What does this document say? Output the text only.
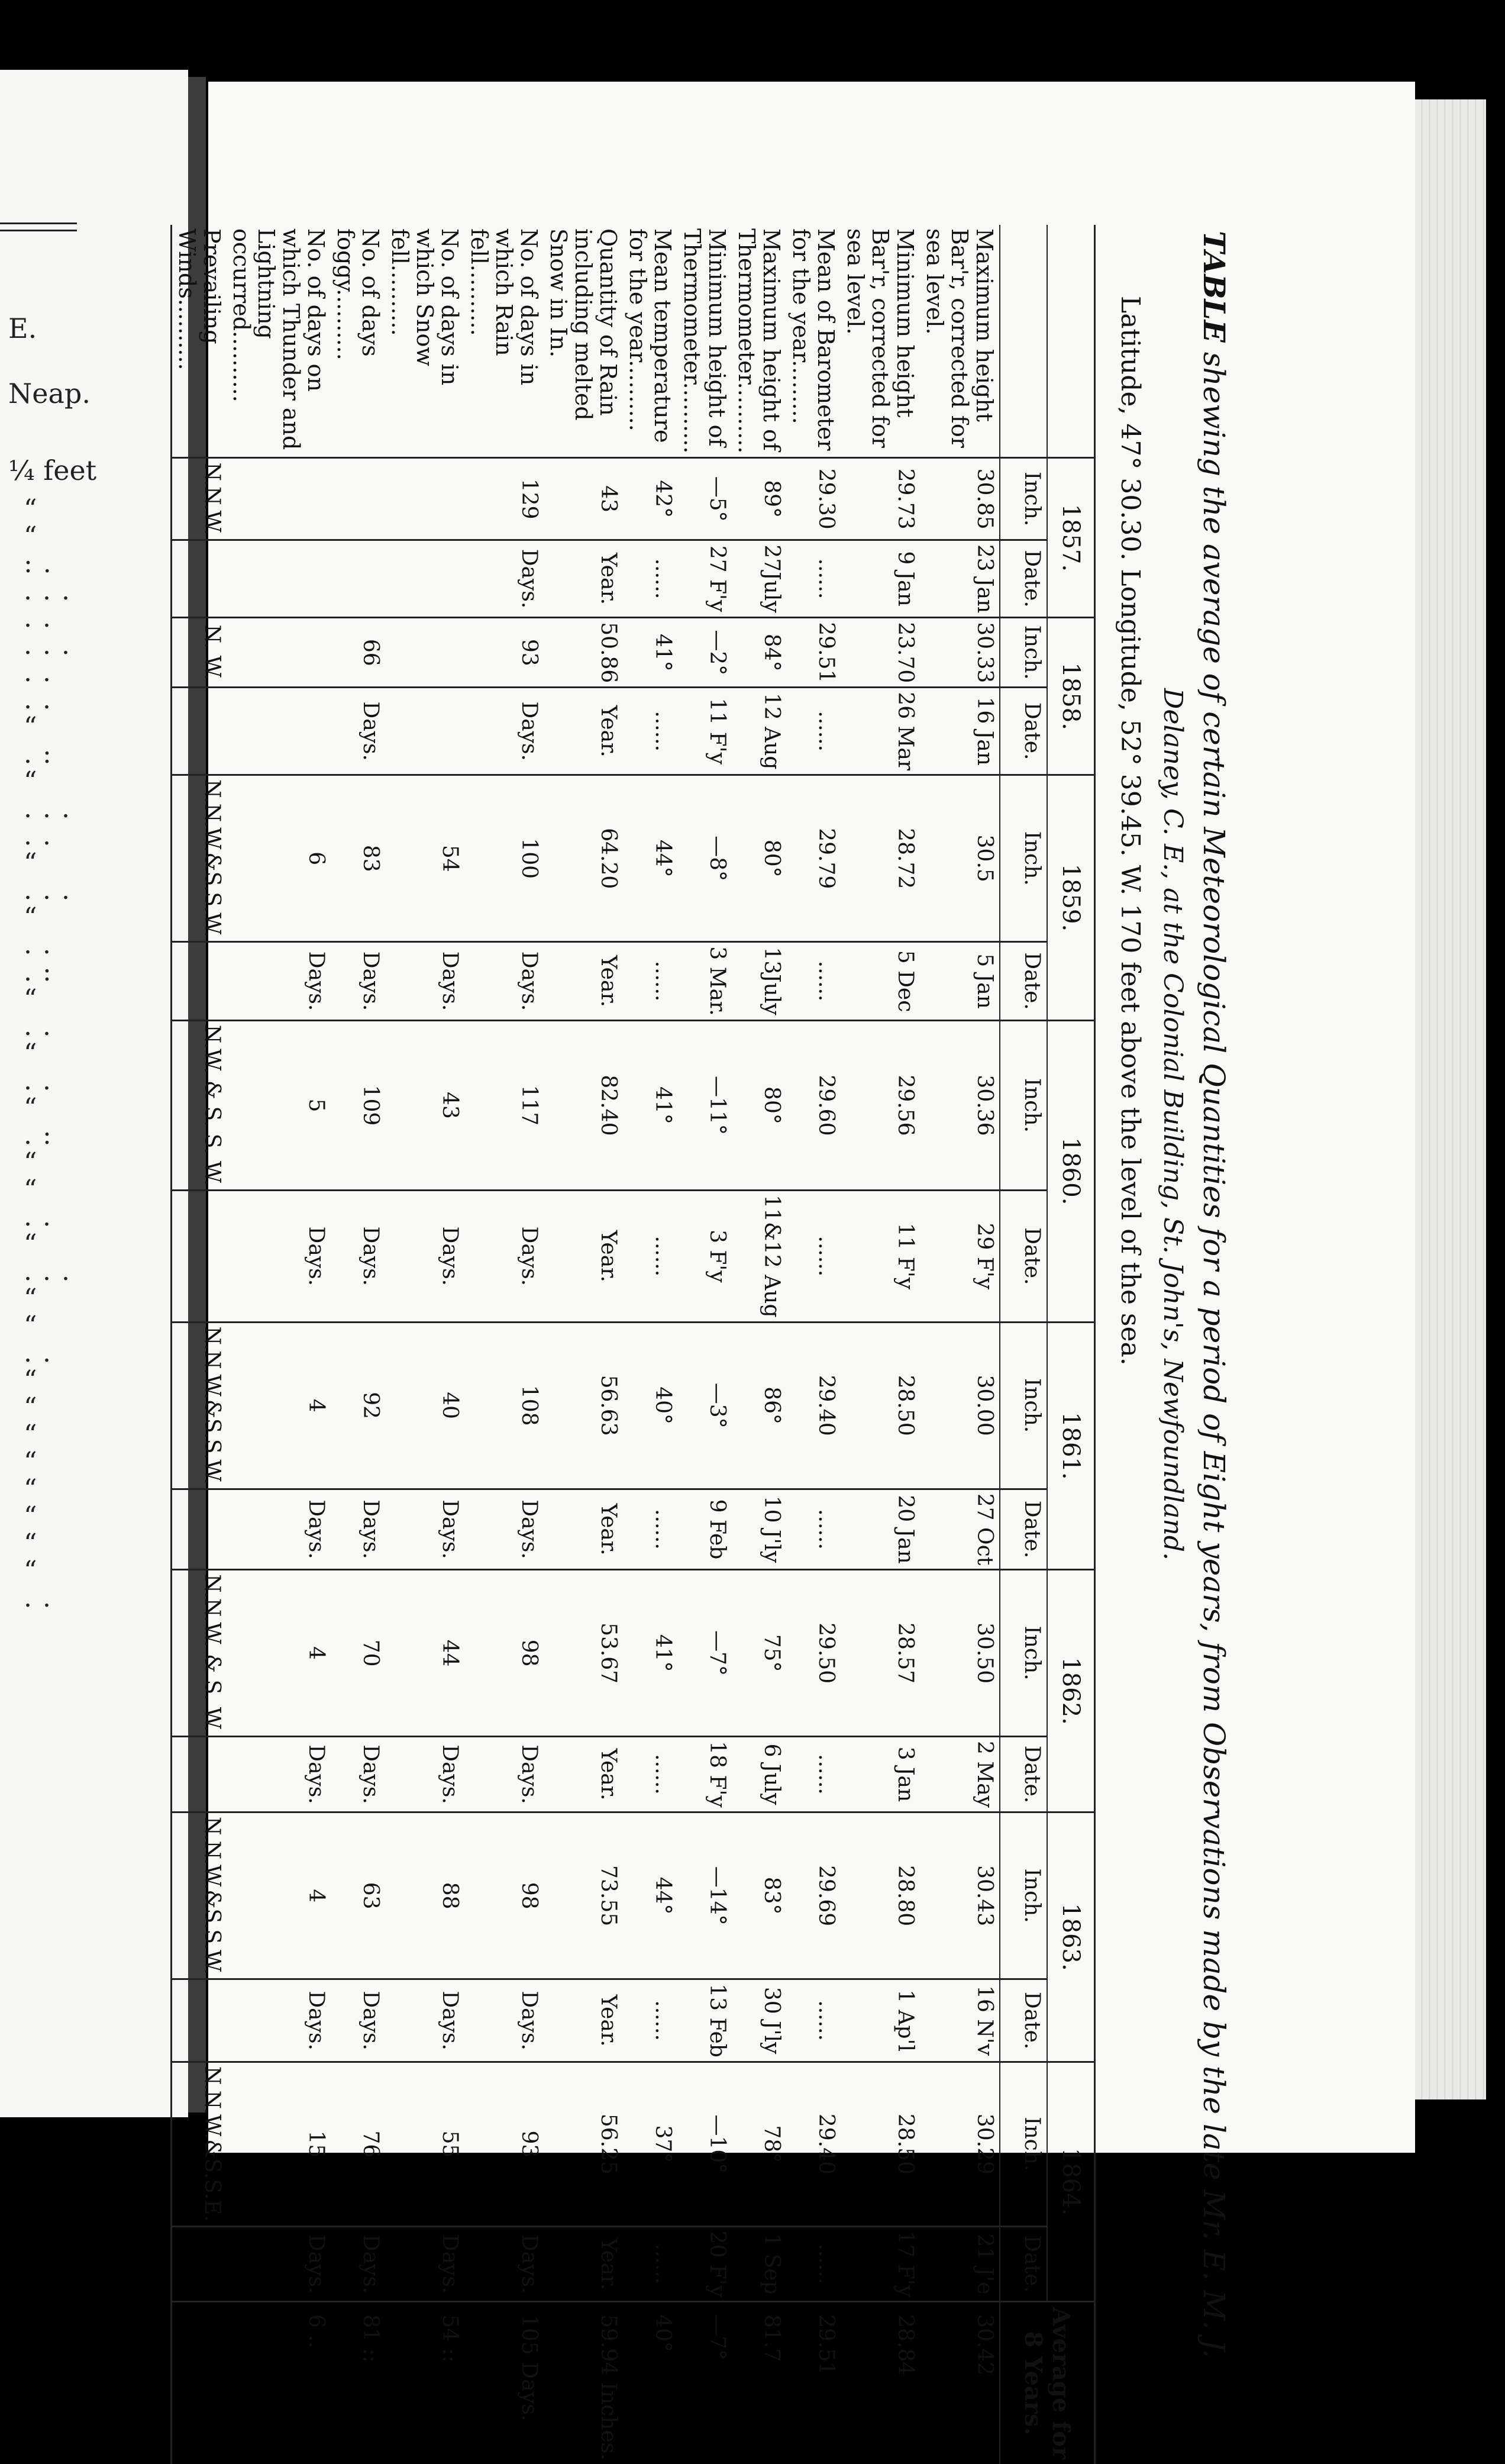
E.
Neap.
¼ feet
“
“
: .
. . .
. .
. . .
. .
. .
“
. :
“
. . .
. .
“
. . .
“
. .
. :
“
. .
“
. .
“
. :
“
“
. .
“
. . .
“
“
. .
“
“
“
“
“
“
“
“
. .
TABLE shewing the average of certain Meteorological Quantities for a period of Eight years, from Observations made by the late Mr. E. M. J.
Delaney, C. E., at the Colonial Building, St. John's, Newfoundland.
Latitude, 47° 30.30. Longitude, 52° 39.45. W. 170 feet above the level of the sea.
	1857.		1858.		1859.		1860.		1861.		1862.		1863.		1864.		Average for 8 Years.
	Inch.	Date.	Inch.	Date.	Inch.	Date.	Inch.	Date.	Inch.	Date.	Inch.	Date.	Inch.	Date.	Inch.	Date.	
Maximum height Bar'r, corrected for sea level.	30.85	23 Jan	30.33	16 Jan	30.5	5 Jan	30.36	29 F'y	30.00	27 Oct	30.50	2 May	30.43	16 N'v	30.29	21 J'e	30.42
Minimum height Bar'r, corrected for sea level.	29.73	9 Jan	23.70	26 Mar	28.72	5 Dec	29.56	11 F'y	28.50	20 Jan	28.57	3 Jan	28.80	1 Ap'l	28.50	17 F'y	28.84
Mean of Barometer for the year.........	29.30	......	29.51	......	29.79	......	29.60	......	29.40	......	29.50	......	29.69	......	29.40	......	29.51
Maximum height of Thermometer..........	89°	27July	84°	12 Aug	80°	13July	80°	11&12 Aug	86°	10 J'ly	75°	6 July	83°	30 J'ly	78°	1 Sep	81.7
Minimum height of Thermometer..........	—5°	27 F'y	—2°	11 F'y	—8°	3 Mar.	—11°	3 F'y	—3°	9 Feb	—7°	18 F'y	—14°	13 Feb	—10°	20 F'y	—7°
Mean temperature for the year..........	42°	......	41°	......	44°	......	41°	......	40°	......	41°	......	44°	......	37°	......	40°
Quantity of Rain including melted Snow in In.	43	Year.	50.86	Year.	64.20	Year.	82.40	Year.	56.63	Year.	53.67	Year.	73.55	Year.	56.25	Year.	59.94 Inches.
No. of days in which Rain fell..........	129	Days.	93	Days.	100	Days.	117	Days.	108	Days.	98	Days.	98	Days.	93	Days.	105 Days.
No. of days in which Snow fell..........					54	Days.	43	Days.	40	Days.	44	Days.	88	Days.	55	Days.	54 ::
No. of days foggy..........			66	Days.	83	Days.	109	Days.	92	Days.	70	Days.	63	Days.	76	Days.	81 ::
No. of days on which Thunder and Lightning occurred..........					6	Days.	5	Days.	4	Days.	4	Days.	4	Days.	15	Days.	6 ..
Prevailing Winds..........	N.N.W.		N. W.		N.N.W.&S.S.W.		N.W. & S. S. W.		N.N.W.&S.S.W.		N.N.W. & S. W.		N.N.W.&S.S.W.		N.N.W.&S.S.E.		
